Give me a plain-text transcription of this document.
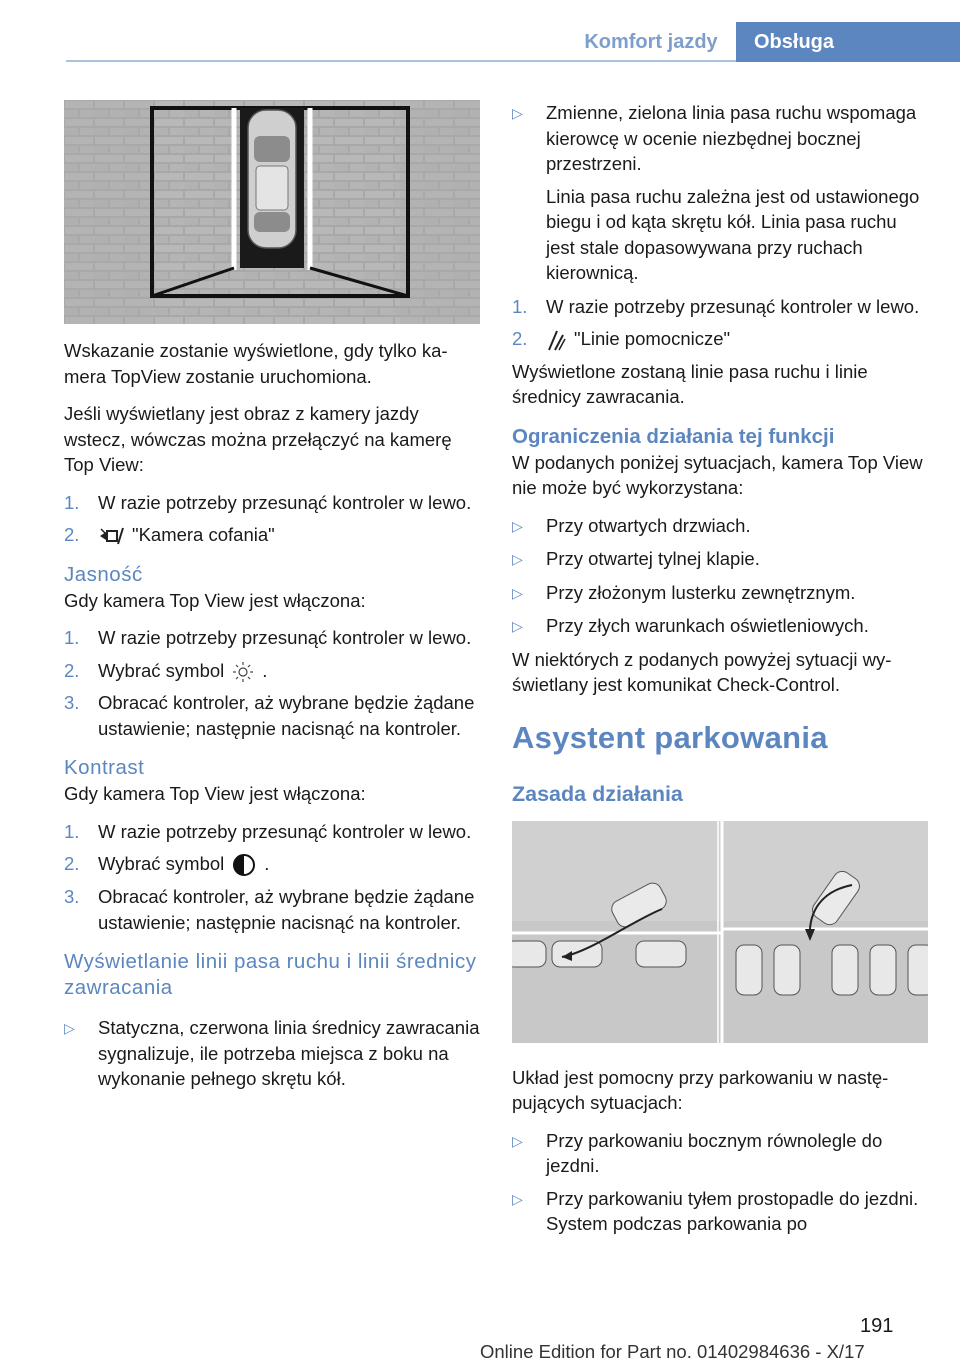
Komfort jazdy	Obsługa

Wskazanie zostanie wyświetlone, gdy tylko kamera TopView zostanie uruchomiona.

Jeśli wyświetlany jest obraz z kamery jazdy wstecz, wówczas można przełączyć na kamerę Top View:

1.	W razie potrzeby przesunąć kontroler w lewo.
2.	"Kamera cofania"
Jasność

Gdy kamera Top View jest włączona:

1.	W razie potrzeby przesunąć kontroler w lewo.
2.	Wybrać symbol .
3.	Obracać kontroler, aż wybrane będzie żądane ustawienie; następnie nacisnąć na kontroler.
Kontrast

Gdy kamera Top View jest włączona:

1.	W razie potrzeby przesunąć kontroler w lewo.
2.	Wybrać symbol .
3.	Obracać kontroler, aż wybrane będzie żądane ustawienie; następnie nacisnąć na kontroler.
Wyświetlanie linii pasa ruchu i linii średnicy zawracania
▷	Statyczna, czerwona linia średnicy zawracania sygnalizuje, ile potrzeba miejsca z boku na wykonanie pełnego skrętu kół.
▷	Zmienne, zielona linia pasa ruchu wspomaga kierowcę w ocenie niezbędnej bocznej przestrzeni.

Linia pasa ruchu zależna jest od ustawionego biegu i od kąta skrętu kół. Linia pasa ruchu jest stale dopasowywana przy ruchach kierownicą.

1.	W razie potrzeby przesunąć kontroler w lewo.
2.	"Linie pomocnicze"

Wyświetlone zostaną linie pasa ruchu i linie średnicy zawracania.

Ograniczenia działania tej funkcji

W podanych poniżej sytuacjach, kamera Top View nie może być wykorzystana:

▷	Przy otwartych drzwiach.
▷	Przy otwartej tylnej klapie.
▷	Przy złożonym lusterku zewnętrznym.
▷	Przy złych warunkach oświetleniowych.

W niektórych z podanych powyżej sytuacji wyświetlany jest komunikat Check-Control.

Asystent parkowania
Zasada działania

Układ jest pomocny przy parkowaniu w następujących sytuacjach:

▷	Przy parkowaniu bocznym równolegle do jezdni.
▷	Przy parkowaniu tyłem prostopadle do jezdni. System podczas parkowania po
191
Online Edition for Part no. 01402984636 - X/17
